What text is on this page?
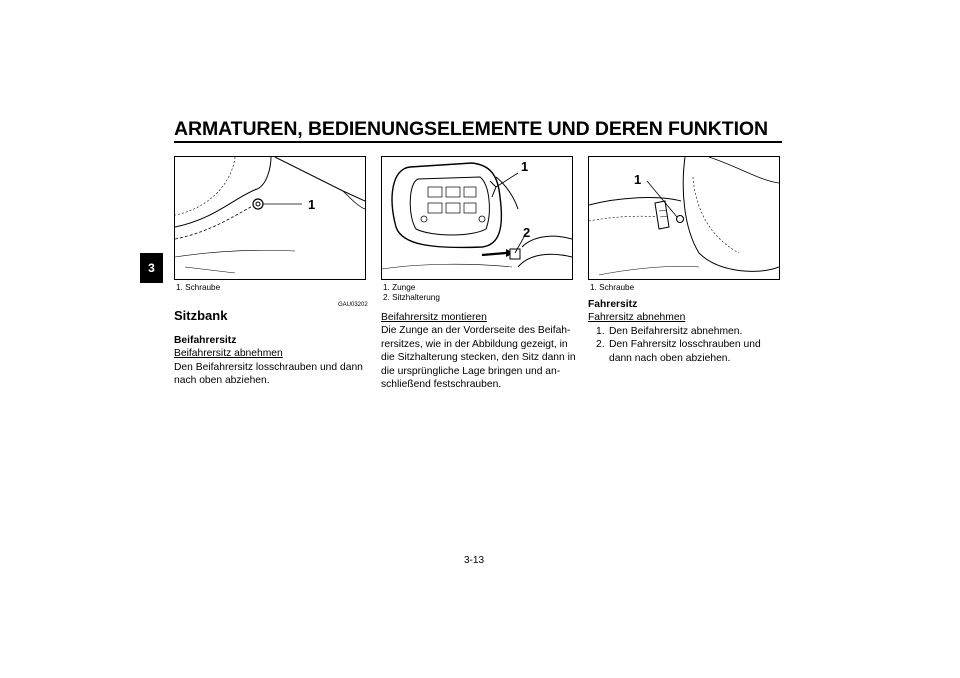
ARMATUREN, BEDIENUNGSELEMENTE UND DEREN FUNKTION
3
1
1. Schraube
1
2
1. Zunge
2. Sitzhalterung
1
1. Schraube
GAU03202
Sitzbank
Beifahrersitz
Beifahrersitz abnehmen
Den Beifahrersitz losschrauben und dann
nach oben abziehen.
Beifahrersitz montieren
Die Zunge an der Vorderseite des Beifah-
rersitzes, wie in der Abbildung gezeigt, in
die Sitzhalterung stecken, den Sitz dann in
die ursprüngliche Lage bringen und an-
schließend festschrauben.
Fahrersitz
Fahrersitz abnehmen
1. Den Beifahrersitz abnehmen.
2. Den Fahrersitz losschrauben und
dann nach oben abziehen.
3-13
